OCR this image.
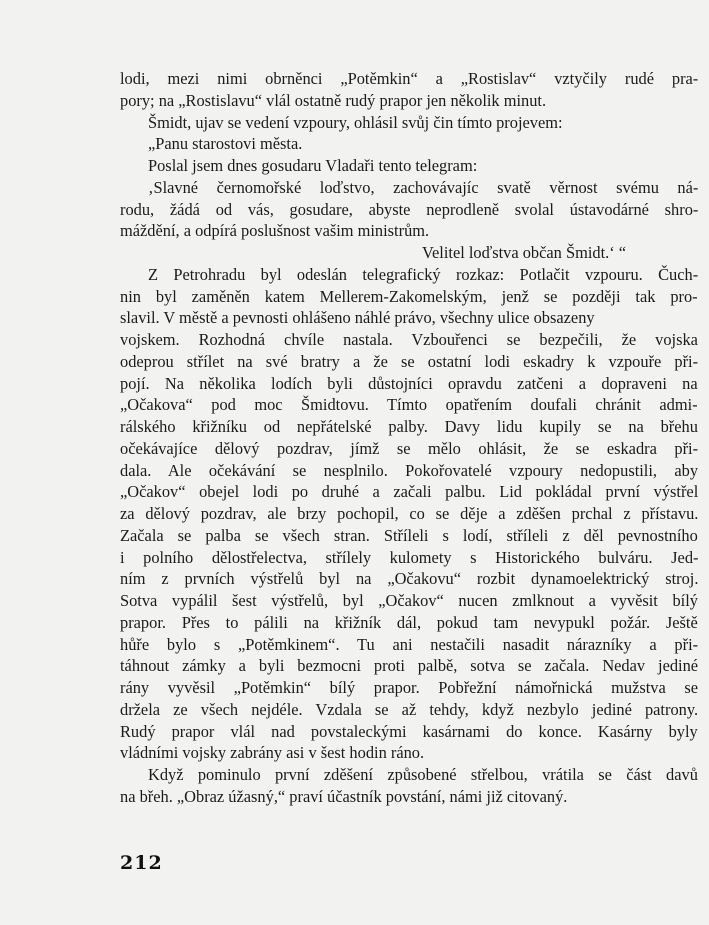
lodi, mezi nimi obrněnci „Potěmkin“ a „Rostislav“ vztyčily rudé pra-
pory; na „Rostislavu“ vlál ostatně rudý prapor jen několik minut.
Šmidt, ujav se vedení vzpoury, ohlásil svůj čin tímto projevem:
„Panu starostovi města.
Poslal jsem dnes gosudaru Vladaři tento telegram:
‚Slavné černomořské loďstvo, zachovávajíc svatě věrnost svému ná-
rodu, žádá od vás, gosudare, abyste neprodleně svolal ústavodárné shro-
máždění, a odpírá poslušnost vašim ministrům.
Velitel loďstva občan Šmidt.‘ “
Z Petrohradu byl odeslán telegrafický rozkaz: Potlačit vzpouru. Čuch-
nin byl zaměněn katem Mellerem-Zakomelským, jenž se později tak pro-
slavil. V městě a pevnosti ohlášeno náhlé právo, všechny ulice obsazeny
vojskem. Rozhodná chvíle nastala. Vzbouřenci se bezpečili, že vojska
odeprou střílet na své bratry a že se ostatní lodi eskadry k vzpouře při-
pojí. Na několika lodích byli důstojníci opravdu zatčeni a dopraveni na
„Očakova“ pod moc Šmidtovu. Tímto opatřením doufali chránit admi-
rálského křižníku od nepřátelské palby. Davy lidu kupily se na břehu
očekávajíce dělový pozdrav, jímž se mělo ohlásit, že se eskadra při-
dala. Ale očekávání se nesplnilo. Pokořovatelé vzpoury nedopustili, aby
„Očakov“ obejel lodi po druhé a začali palbu. Lid pokládal první výstřel
za dělový pozdrav, ale brzy pochopil, co se děje a zděšen prchal z přístavu.
Začala se palba se všech stran. Stříleli s lodí, stříleli z děl pevnostního
i polního dělostřelectva, střílely kulomety s Historického bulváru. Jed-
ním z prvních výstřelů byl na „Očakovu“ rozbit dynamoelektrický stroj.
Sotva vypálil šest výstřelů, byl „Očakov“ nucen zmlknout a vyvěsit bílý
prapor. Přes to pálili na křižník dál, pokud tam nevypukl požár. Ještě
hůře bylo s „Potěmkinem“. Tu ani nestačili nasadit nárazníky a při-
táhnout zámky a byli bezmocni proti palbě, sotva se začala. Nedav jediné
rány vyvěsil „Potěmkin“ bílý prapor. Pobřežní námořnická mužstva se
držela ze všech nejdéle. Vzdala se až tehdy, když nezbylo jediné patrony.
Rudý prapor vlál nad povstaleckými kasárnami do konce. Kasárny byly
vládními vojsky zabrány asi v šest hodin ráno.
Když pominulo první zděšení způsobené střelbou, vrátila se část davů
na břeh. „Obraz úžasný,“ praví účastník povstání, námi již citovaný.
212
